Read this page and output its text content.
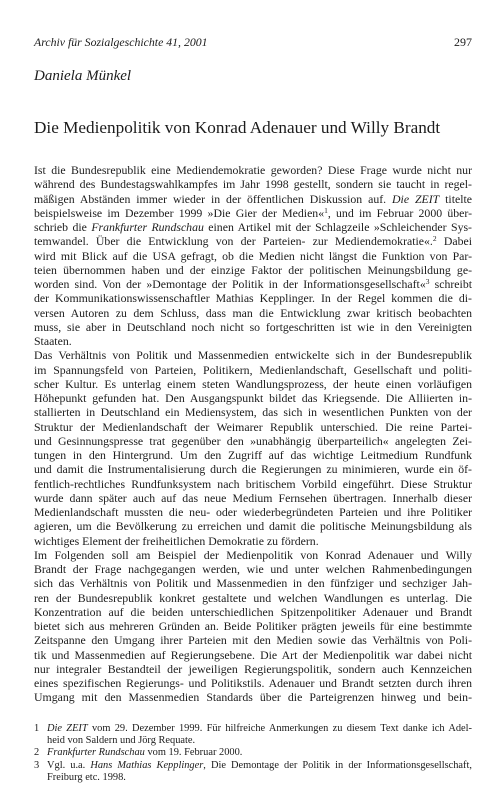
Archiv für Sozialgeschichte 41, 2001	297
Daniela Münkel
Die Medienpolitik von Konrad Adenauer und Willy Brandt
Ist die Bundesrepublik eine Mediendemokratie geworden? Diese Frage wurde nicht nur
während des Bundestagswahlkampfes im Jahr 1998 gestellt, sondern sie taucht in regel-
mäßigen Abständen immer wieder in der öffentlichen Diskussion auf. Die ZEIT titelte
beispielsweise im Dezember 1999 »Die Gier der Medien«$^1$, und im Februar 2000 über-
schrieb die Frankfurter Rundschau einen Artikel mit der Schlagzeile »Schleichender Sys-
temwandel. Über die Entwicklung von der Parteien- zur Mediendemokratie«.$^2$ Dabei
wird mit Blick auf die USA gefragt, ob die Medien nicht längst die Funktion von Par-
teien übernommen haben und der einzige Faktor der politischen Meinungsbildung ge-
worden sind. Von der »Demontage der Politik in der Informationsgesellschaft«$^3$ schreibt
der Kommunikationswissenschaftler Mathias Kepplinger. In der Regel kommen die di-
versen Autoren zu dem Schluss, dass man die Entwicklung zwar kritisch beobachten
muss, sie aber in Deutschland noch nicht so fortgeschritten ist wie in den Vereinigten
Staaten.
Das Verhältnis von Politik und Massenmedien entwickelte sich in der Bundesrepublik
im Spannungsfeld von Parteien, Politikern, Medienlandschaft, Gesellschaft und politi-
scher Kultur. Es unterlag einem steten Wandlungsprozess, der heute einen vorläufigen
Höhepunkt gefunden hat. Den Ausgangspunkt bildet das Kriegsende. Die Alliierten in-
stallierten in Deutschland ein Mediensystem, das sich in wesentlichen Punkten von der
Struktur der Medienlandschaft der Weimarer Republik unterschied. Die reine Partei-
und Gesinnungspresse trat gegenüber den »unabhängig überparteilich« angelegten Zei-
tungen in den Hintergrund. Um den Zugriff auf das wichtige Leitmedium Rundfunk
und damit die Instrumentalisierung durch die Regierungen zu minimieren, wurde ein öf-
fentlich-rechtliches Rundfunksystem nach britischem Vorbild eingeführt. Diese Struktur
wurde dann später auch auf das neue Medium Fernsehen übertragen. Innerhalb dieser
Medienlandschaft mussten die neu- oder wiederbegründeten Parteien und ihre Politiker
agieren, um die Bevölkerung zu erreichen und damit die politische Meinungsbildung als
wichtiges Element der freiheitlichen Demokratie zu fördern.
Im Folgenden soll am Beispiel der Medienpolitik von Konrad Adenauer und Willy
Brandt der Frage nachgegangen werden, wie und unter welchen Rahmenbedingungen
sich das Verhältnis von Politik und Massenmedien in den fünfziger und sechziger Jah-
ren der Bundesrepublik konkret gestaltete und welchen Wandlungen es unterlag. Die
Konzentration auf die beiden unterschiedlichen Spitzenpolitiker Adenauer und Brandt
bietet sich aus mehreren Gründen an. Beide Politiker prägten jeweils für eine bestimmte
Zeitspanne den Umgang ihrer Parteien mit den Medien sowie das Verhältnis von Poli-
tik und Massenmedien auf Regierungsebene. Die Art der Medienpolitik war dabei nicht
nur integraler Bestandteil der jeweiligen Regierungspolitik, sondern auch Kennzeichen
eines spezifischen Regierungs- und Politikstils. Adenauer und Brandt setzten durch ihren
Umgang mit den Massenmedien Standards über die Parteigrenzen hinweg und bein-
1 Die ZEIT vom 29. Dezember 1999. Für hilfreiche Anmerkungen zu diesem Text danke ich Adel-
heid von Saldern und Jörg Requate.
2 Frankfurter Rundschau vom 19. Februar 2000.
3 Vgl. u.a. Hans Mathias Kepplinger, Die Demontage der Politik in der Informationsgesellschaft,
Freiburg etc. 1998.
